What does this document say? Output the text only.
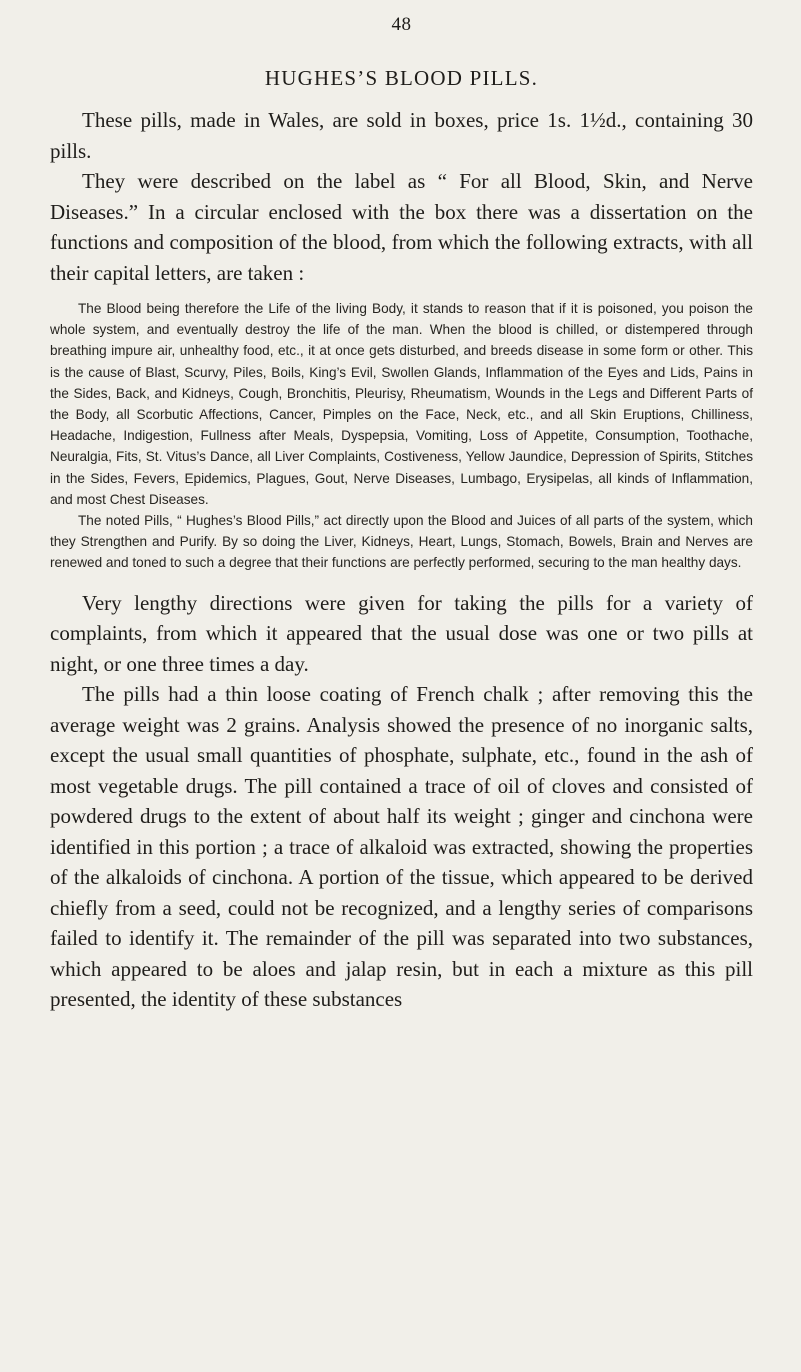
48
HUGHES’S BLOOD PILLS.

These pills, made in Wales, are sold in boxes, price 1s. 1½d., containing 30 pills.

They were described on the label as “ For all Blood, Skin, and Nerve Diseases.” In a circular enclosed with the box there was a dissertation on the functions and composition of the blood, from which the following extracts, with all their capital letters, are taken :

The Blood being therefore the Life of the living Body, it stands to reason that if it is poisoned, you poison the whole system, and eventually destroy the life of the man. When the blood is chilled, or distempered through breathing impure air, unhealthy food, etc., it at once gets disturbed, and breeds disease in some form or other. This is the cause of Blast, Scurvy, Piles, Boils, King’s Evil, Swollen Glands, Inflammation of the Eyes and Lids, Pains in the Sides, Back, and Kidneys, Cough, Bronchitis, Pleurisy, Rheumatism, Wounds in the Legs and Different Parts of the Body, all Scorbutic Affections, Cancer, Pimples on the Face, Neck, etc., and all Skin Eruptions, Chilliness, Headache, Indigestion, Fullness after Meals, Dyspepsia, Vomiting, Loss of Appetite, Consumption, Toothache, Neuralgia, Fits, St. Vitus’s Dance, all Liver Complaints, Costiveness, Yellow Jaundice, Depression of Spirits, Stitches in the Sides, Fevers, Epidemics, Plagues, Gout, Nerve Diseases, Lumbago, Erysipelas, all kinds of Inflammation, and most Chest Diseases.

The noted Pills, “ Hughes’s Blood Pills,” act directly upon the Blood and Juices of all parts of the system, which they Strengthen and Purify. By so doing the Liver, Kidneys, Heart, Lungs, Stomach, Bowels, Brain and Nerves are renewed and toned to such a degree that their functions are perfectly performed, securing to the man healthy days.

Very lengthy directions were given for taking the pills for a variety of complaints, from which it appeared that the usual dose was one or two pills at night, or one three times a day.

The pills had a thin loose coating of French chalk ; after removing this the average weight was 2 grains. Analysis showed the presence of no inorganic salts, except the usual small quantities of phosphate, sulphate, etc., found in the ash of most vegetable drugs. The pill contained a trace of oil of cloves and consisted of powdered drugs to the extent of about half its weight ; ginger and cinchona were identified in this portion ; a trace of alkaloid was extracted, showing the properties of the alkaloids of cinchona. A portion of the tissue, which appeared to be derived chiefly from a seed, could not be recognized, and a lengthy series of comparisons failed to identify it. The remainder of the pill was separated into two substances, which appeared to be aloes and jalap resin, but in each a mixture as this pill presented, the identity of these substances
